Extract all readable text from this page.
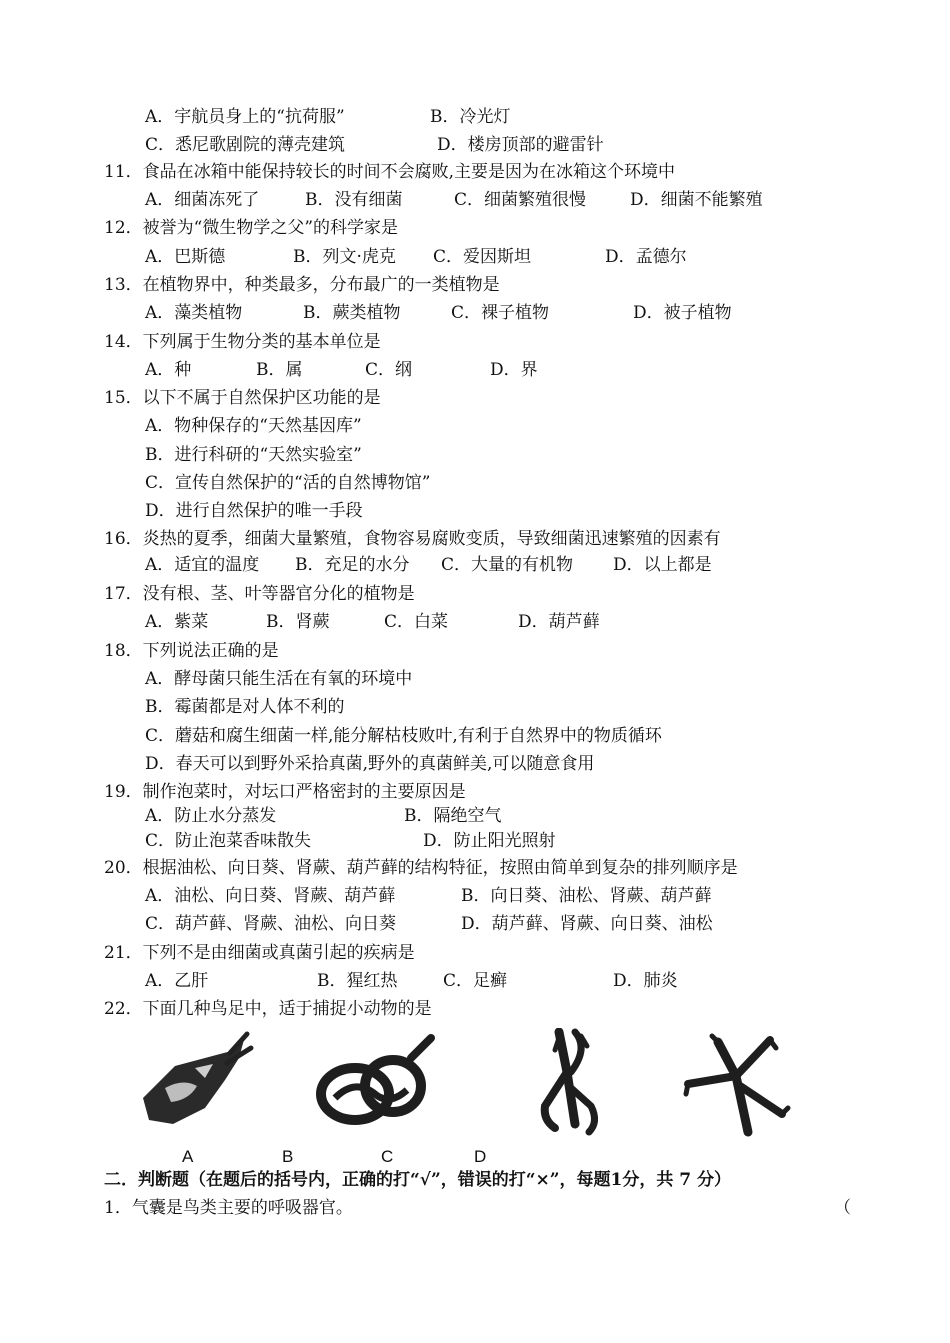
A．宇航员身上的“抗荷服”	B．冷光灯
C．悉尼歌剧院的薄壳建筑	D．楼房顶部的避雷针
11．食品在冰箱中能保持较长的时间不会腐败,主要是因为在冰箱这个环境中
A．细菌冻死了	B．没有细菌	C．细菌繁殖很慢	D．细菌不能繁殖
12．被誉为“微生物学之父”的科学家是
A．巴斯德	B．列文·虎克 C．爱因斯坦	D．孟德尔
13．在植物界中，种类最多，分布最广的一类植物是
A．藻类植物	B．蕨类植物	C．裸子植物	D．被子植物
14．下列属于生物分类的基本单位是
A．种	B．属	C．纲	D．界
15．以下不属于自然保护区功能的是
A．物种保存的“天然基因库”
B．进行科研的“天然实验室”
C．宣传自然保护的“活的自然博物馆”
D．进行自然保护的唯一手段
16．炎热的夏季，细菌大量繁殖，食物容易腐败变质，导致细菌迅速繁殖的因素有
A．适宜的温度 B．充足的水分 C．大量的有机物 D．以上都是
17．没有根、茎、叶等器官分化的植物是
A．紫菜	B．肾蕨	C．白菜	D．葫芦藓
18．下列说法正确的是
A．酵母菌只能生活在有氧的环境中
B．霉菌都是对人体不利的
C．蘑菇和腐生细菌一样,能分解枯枝败叶,有利于自然界中的物质循环
D．春天可以到野外采拾真菌,野外的真菌鲜美,可以随意食用
19．制作泡菜时，对坛口严格密封的主要原因是
A．防止水分蒸发	B．隔绝空气
C．防止泡菜香味散失	D．防止阳光照射
20．根据油松、向日葵、肾蕨、葫芦藓的结构特征，按照由简单到复杂的排列顺序是
A．油松、向日葵、肾蕨、葫芦藓	B．向日葵、油松、肾蕨、葫芦藓
C．葫芦藓、肾蕨、油松、向日葵	D．葫芦藓、肾蕨、向日葵、油松
21．下列不是由细菌或真菌引起的疾病是
A．乙肝	B．猩红热	C．足癣	D．肺炎
22．下面几种鸟足中，适于捕捉小动物的是
A	B	C	D
二．判断题（在题后的括号内，正确的打“√”，错误的打“×”，每题1分，共 7 分）
1．气囊是鸟类主要的呼吸器官。	（
